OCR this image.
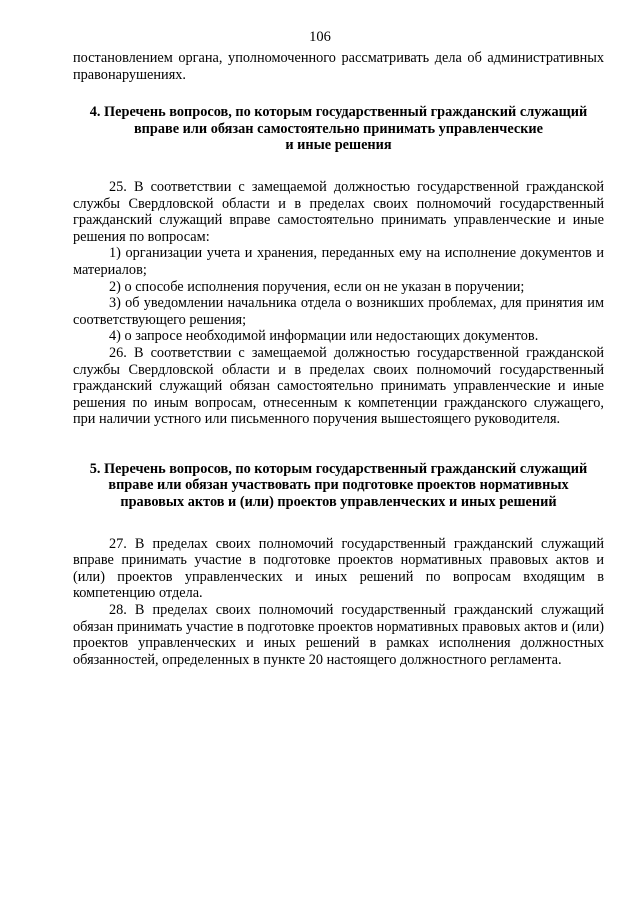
106

постановлением органа, уполномоченного рассматривать дела об административных правонарушениях.

4. Перечень вопросов, по которым государственный гражданский служащий
вправе или обязан самостоятельно принимать управленческие
и иные решения

25. В соответствии с замещаемой должностью государственной гражданской службы Свердловской области и в пределах своих полномочий государственный гражданский служащий вправе самостоятельно принимать управленческие и иные решения по вопросам:

1) организации учета и хранения, переданных ему на исполнение документов и материалов;

2) о способе исполнения поручения, если он не указан в поручении;

3) об уведомлении начальника отдела о возникших проблемах, для принятия им соответствующего решения;

4) о запросе необходимой информации или недостающих документов.

26. В соответствии с замещаемой должностью государственной гражданской службы Свердловской области и в пределах своих полномочий государственный гражданский служащий обязан самостоятельно принимать управленческие и иные решения по иным вопросам, отнесенным к компетенции гражданского служащего, при наличии устного или письменного поручения вышестоящего руководителя.

5. Перечень вопросов, по которым государственный гражданский служащий
вправе или обязан участвовать при подготовке проектов нормативных
правовых актов и (или) проектов управленческих и иных решений

27. В пределах своих полномочий государственный гражданский служащий вправе принимать участие в подготовке проектов нормативных правовых актов и (или) проектов управленческих и иных решений по вопросам входящим в компетенцию отдела.

28. В пределах своих полномочий государственный гражданский служащий обязан принимать участие в подготовке проектов нормативных правовых актов и (или) проектов управленческих и иных решений в рамках исполнения должностных обязанностей, определенных в пункте 20 настоящего должностного регламента.
